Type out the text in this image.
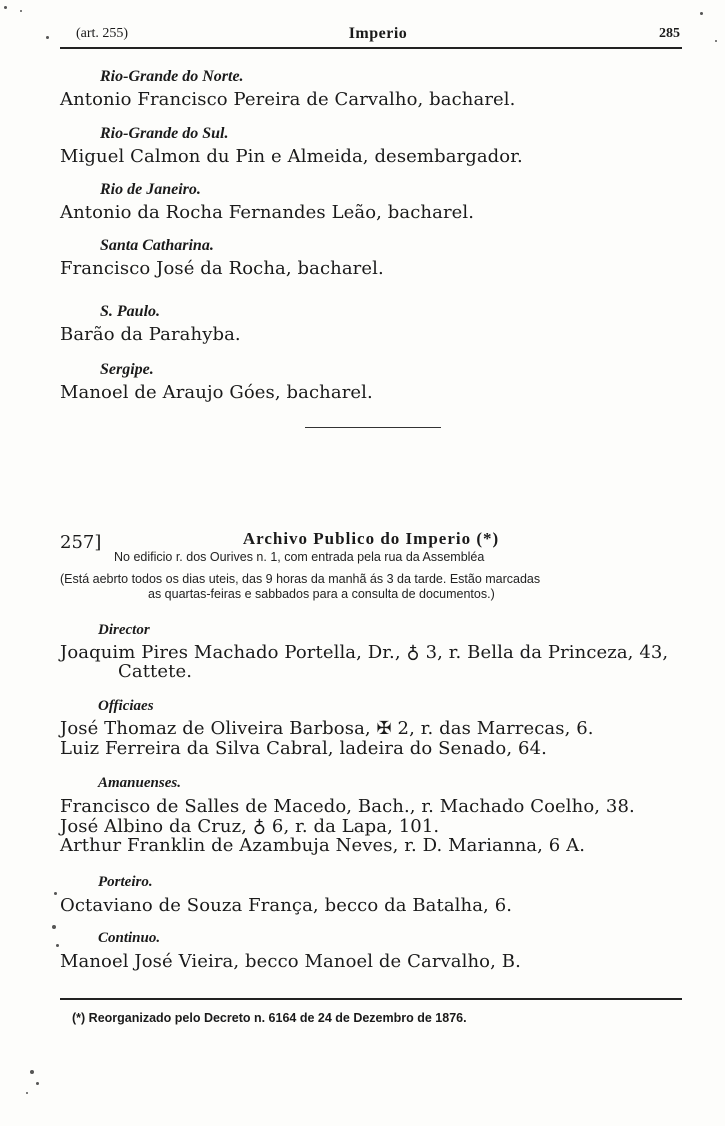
(art. 255)	Imperio	285
Rio-Grande do Norte.
Antonio Francisco Pereira de Carvalho, bacharel.
Rio-Grande do Sul.
Miguel Calmon du Pin e Almeida, desembargador.
Rio de Janeiro.
Antonio da Rocha Fernandes Leão, bacharel.
Santa Catharina.
Francisco José da Rocha, bacharel.
S. Paulo.
Barão da Parahyba.
Sergipe.
Manoel de Araujo Góes, bacharel.
257]	Archivo Publico do Imperio (*)
No edificio r. dos Ourives n. 1, com entrada pela rua da Assembléa
(Está aebrto todos os dias uteis, das 9 horas da manhã ás 3 da tarde. Estão marcadas
as quartas-feiras e sabbados para a consulta de documentos.)
Director
Joaquim Pires Machado Portella, Dr., ♁ 3, r. Bella da Princeza, 43,
Cattete.
Officiaes
José Thomaz de Oliveira Barbosa, ✠ 2, r. das Marrecas, 6.
Luiz Ferreira da Silva Cabral, ladeira do Senado, 64.
Amanuenses.
Francisco de Salles de Macedo, Bach., r. Machado Coelho, 38.
José Albino da Cruz, ♁ 6, r. da Lapa, 101.
Arthur Franklin de Azambuja Neves, r. D. Marianna, 6 A.
Porteiro.
Octaviano de Souza França, becco da Batalha, 6.
Continuo.
Manoel José Vieira, becco Manoel de Carvalho, B.
(*) Reorganizado pelo Decreto n. 6164 de 24 de Dezembro de 1876.
